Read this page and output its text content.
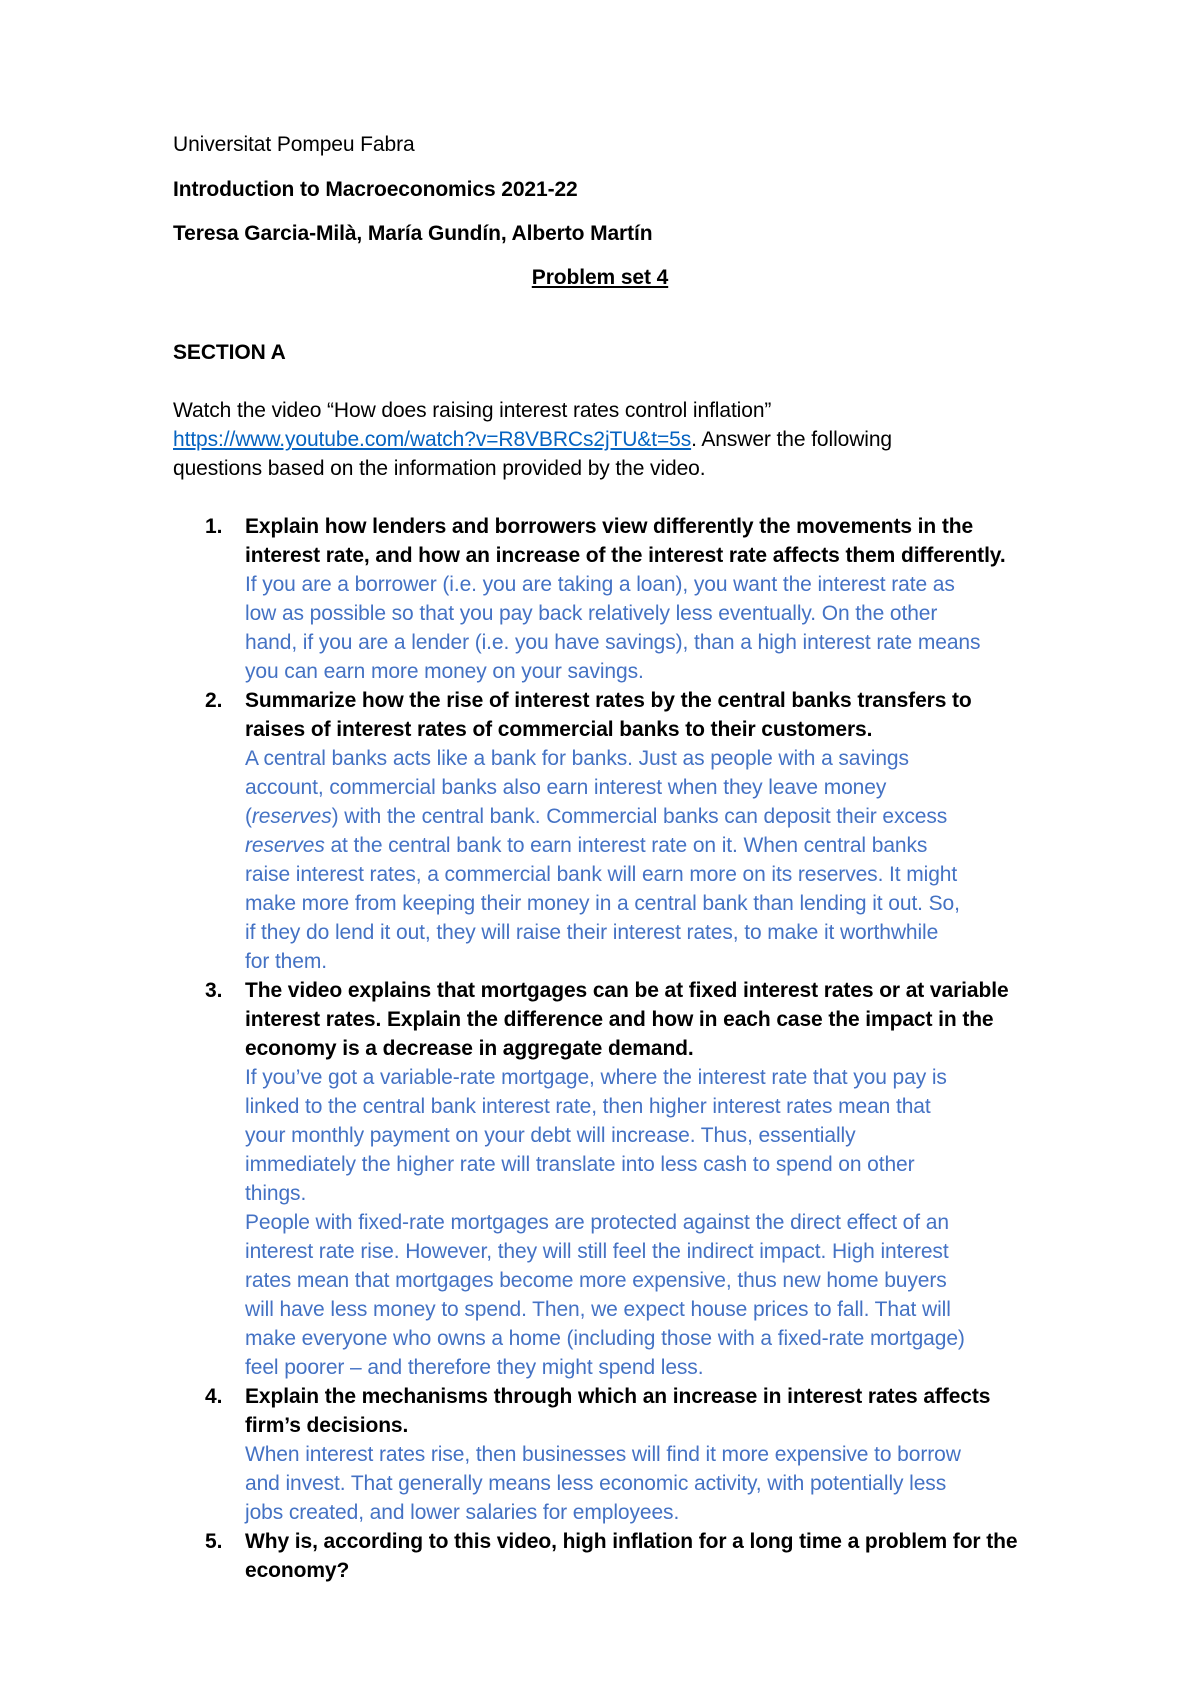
Universitat Pompeu Fabra
Introduction to Macroeconomics 2021-22
Teresa Garcia-Milà, María Gundín, Alberto Martín
Problem set 4
SECTION A
Watch the video “How does raising interest rates control inflation”
https://www.youtube.com/watch?v=R8VBRCs2jTU&t=5s. Answer the following
questions based on the information provided by the video.
1. Explain how lenders and borrowers view differently the movements in the
interest rate, and how an increase of the interest rate affects them differently.
If you are a borrower (i.e. you are taking a loan), you want the interest rate as
low as possible so that you pay back relatively less eventually. On the other
hand, if you are a lender (i.e. you have savings), than a high interest rate means
you can earn more money on your savings.
2. Summarize how the rise of interest rates by the central banks transfers to
raises of interest rates of commercial banks to their customers.
A central banks acts like a bank for banks. Just as people with a savings
account, commercial banks also earn interest when they leave money
(reserves) with the central bank. Commercial banks can deposit their excess
reserves at the central bank to earn interest rate on it. When central banks
raise interest rates, a commercial bank will earn more on its reserves. It might
make more from keeping their money in a central bank than lending it out. So,
if they do lend it out, they will raise their interest rates, to make it worthwhile
for them.
3. The video explains that mortgages can be at fixed interest rates or at variable
interest rates. Explain the difference and how in each case the impact in the
economy is a decrease in aggregate demand.
If you’ve got a variable-rate mortgage, where the interest rate that you pay is
linked to the central bank interest rate, then higher interest rates mean that
your monthly payment on your debt will increase. Thus, essentially
immediately the higher rate will translate into less cash to spend on other
things.
People with fixed-rate mortgages are protected against the direct effect of an
interest rate rise. However, they will still feel the indirect impact. High interest
rates mean that mortgages become more expensive, thus new home buyers
will have less money to spend. Then, we expect house prices to fall. That will
make everyone who owns a home (including those with a fixed-rate mortgage)
feel poorer – and therefore they might spend less.
4. Explain the mechanisms through which an increase in interest rates affects
firm’s decisions.
When interest rates rise, then businesses will find it more expensive to borrow
and invest. That generally means less economic activity, with potentially less
jobs created, and lower salaries for employees.
5. Why is, according to this video, high inflation for a long time a problem for the
economy?
